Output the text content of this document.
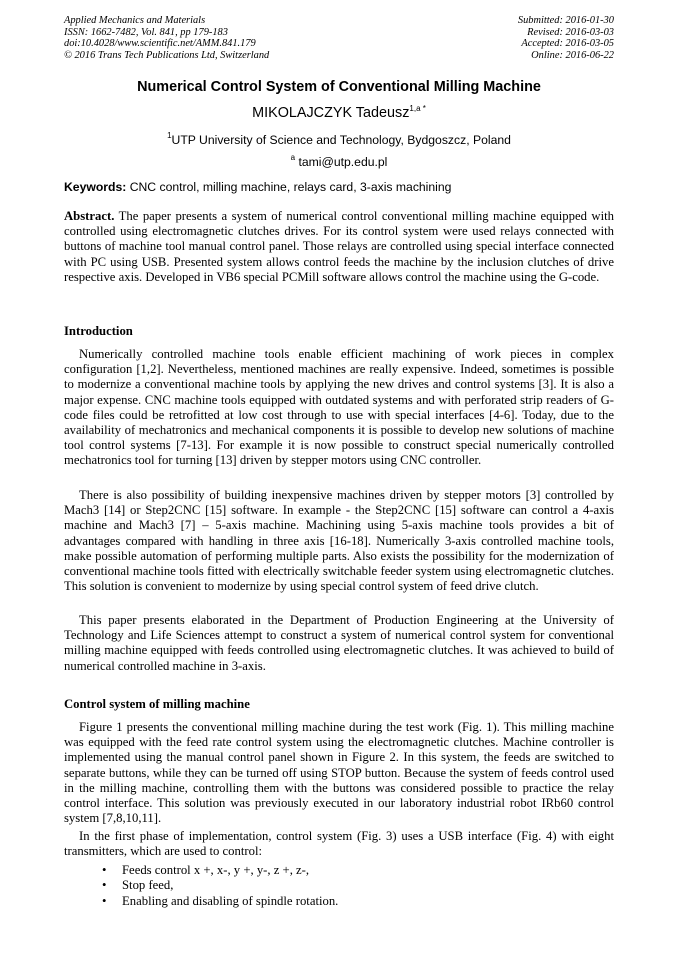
Applied Mechanics and Materials
ISSN: 1662-7482, Vol. 841, pp 179-183
doi:10.4028/www.scientific.net/AMM.841.179
© 2016 Trans Tech Publications Ltd, Switzerland
Submitted: 2016-01-30
Revised: 2016-03-03
Accepted: 2016-03-05
Online: 2016-06-22
Numerical Control System of Conventional Milling Machine
MIKOLAJCZYK Tadeusz$^{1,a *}$
$^1$UTP University of Science and Technology, Bydgoszcz, Poland
$^a$ tami@utp.edu.pl
Keywords: CNC control, milling machine, relays card, 3-axis machining
Abstract. The paper presents a system of numerical control conventional milling machine equipped with controlled using electromagnetic clutches drives. For its control system were used relays connected with buttons of machine tool manual control panel. Those relays are controlled using special interface connected with PC using USB. Presented system allows control feeds the machine by the inclusion clutches of drive respective axis. Developed in VB6 special PCMill software allows control the machine using the G-code.
Introduction
Numerically controlled machine tools enable efficient machining of work pieces in complex configuration [1,2]. Nevertheless, mentioned machines are really expensive. Indeed, sometimes is possible to modernize a conventional machine tools by applying the new drives and control systems [3]. It is also a major expense. CNC machine tools equipped with outdated systems and with perforated strip readers of G-code files could be retrofitted at low cost through to use with special interfaces [4-6]. Today, due to the availability of mechatronics and mechanical components it is possible to develop new solutions of machine tool control systems [7-13]. For example it is now possible to construct special numerically controlled mechatronics tool for turning [13] driven by stepper motors using CNC controller.
There is also possibility of building inexpensive machines driven by stepper motors [3] controlled by Mach3 [14] or Step2CNC [15] software. In example - the Step2CNC [15] software can control a 4-axis machine and Mach3 [7] – 5-axis machine. Machining using 5-axis machine tools provides a bit of advantages compared with handling in three axis [16-18]. Numerically 3-axis controlled machine tools, make possible automation of performing multiple parts. Also exists the possibility for the modernization of conventional machine tools fitted with electrically switchable feeder system using electromagnetic clutches. This solution is convenient to modernize by using special control system of feed drive clutch.
This paper presents elaborated in the Department of Production Engineering at the University of Technology and Life Sciences attempt to construct a system of numerical control system for conventional milling machine equipped with feeds controlled using electromagnetic clutches. It was achieved to build of numerical controlled machine in 3-axis.
Control system of milling machine
Figure 1 presents the conventional milling machine during the test work (Fig. 1). This milling machine was equipped with the feed rate control system using the electromagnetic clutches. Machine controller is implemented using the manual control panel shown in Figure 2. In this system, the feeds are switched to separate buttons, while they can be turned off using STOP button. Because the system of feeds control used in the milling machine, controlling them with the buttons was considered possible to practice the relay control interface. This solution was previously executed in our laboratory industrial robot IRb60 control system [7,8,10,11].
In the first phase of implementation, control system (Fig. 3) uses a USB interface (Fig. 4) with eight transmitters, which are used to control:
• Feeds control x +, x-, y +, y-, z +, z-,
• Stop feed,
• Enabling and disabling of spindle rotation.
